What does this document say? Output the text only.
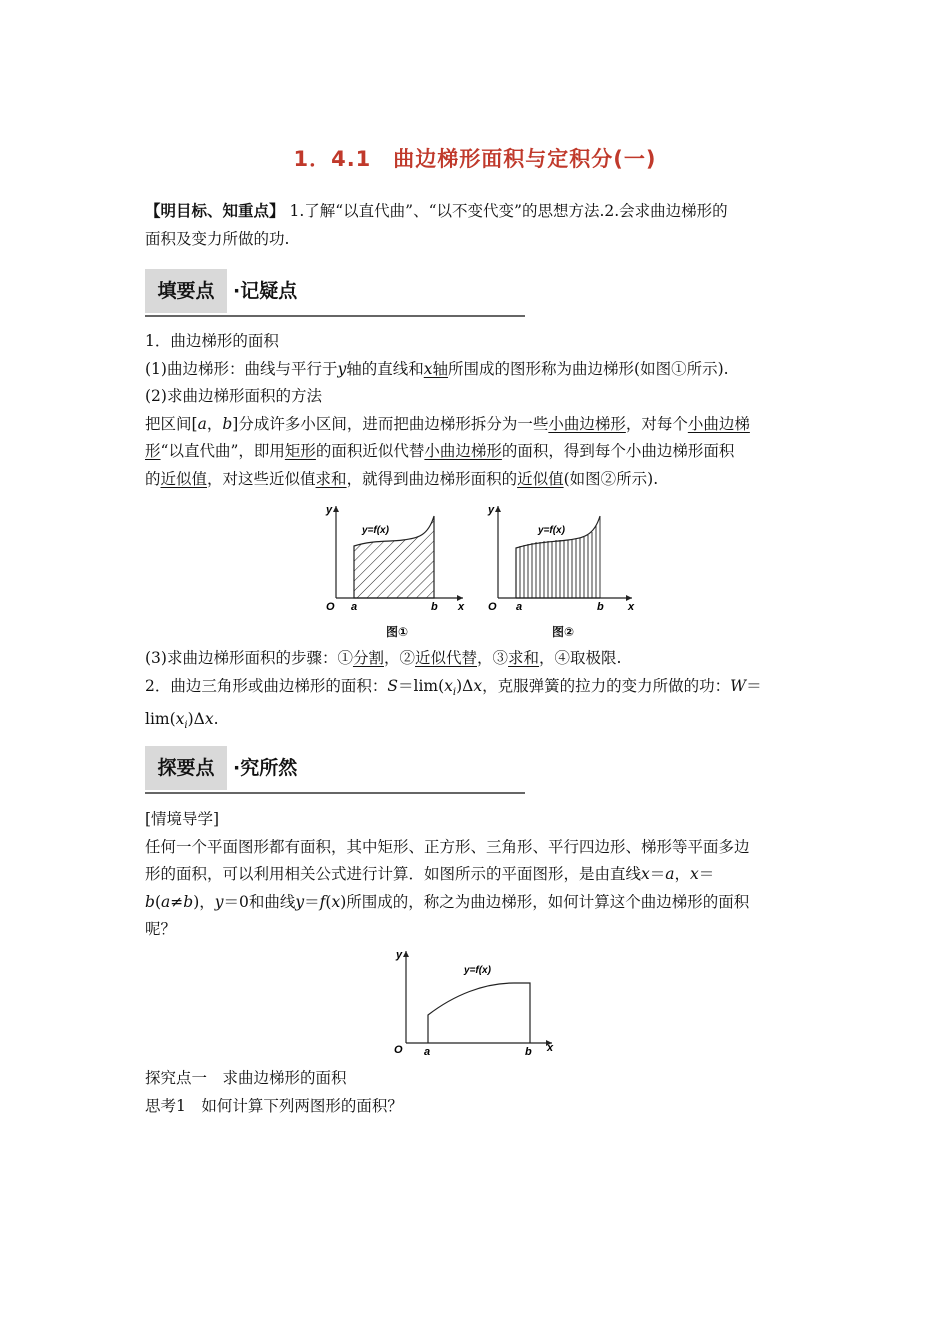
1．4.1　曲边梯形面积与定积分(一)
【明目标、知重点】 1.了解“以直代曲”、“以不变代变”的思想方法.2.会求曲边梯形的
面积及变力所做的功.
填要点 ·记疑点
1．曲边梯形的面积
(1)曲边梯形：曲线与平行于y轴的直线和x轴所围成的图形称为曲边梯形(如图①所示).
(2)求曲边梯形面积的方法
把区间[a，b]分成许多小区间，进而把曲边梯形拆分为一些小曲边梯形，对每个小曲边梯
形“以直代曲”，即用矩形的面积近似代替小曲边梯形的面积，得到每个小曲边梯形面积
的近似值，对这些近似值求和，就得到曲边梯形面积的近似值(如图②所示).
y
x
O a	b
y=f(x)
图①
y
x
O a	b
y=f(x)
图②
(3)求曲边梯形面积的步骤：①分割，②近似代替，③求和，④取极限.
2．曲边三角形或曲边梯形的面积：$S=\lim(x_i)\Delta x$，克服弹簧的拉力的变力所做的功：W＝
$\lim(x_i)\Delta x$.
探要点 ·究所然
[情境导学]
任何一个平面图形都有面积，其中矩形、正方形、三角形、平行四边形、梯形等平面多边
形的面积，可以利用相关公式进行计算．如图所示的平面图形，是由直线x＝a，x＝
b(a≠b)，y＝0和曲线y＝f(x)所围成的，称之为曲边梯形，如何计算这个曲边梯形的面积
呢？
y
x
O a	b
y=f(x)
探究点一　求曲边梯形的面积
思考1　如何计算下列两图形的面积？
